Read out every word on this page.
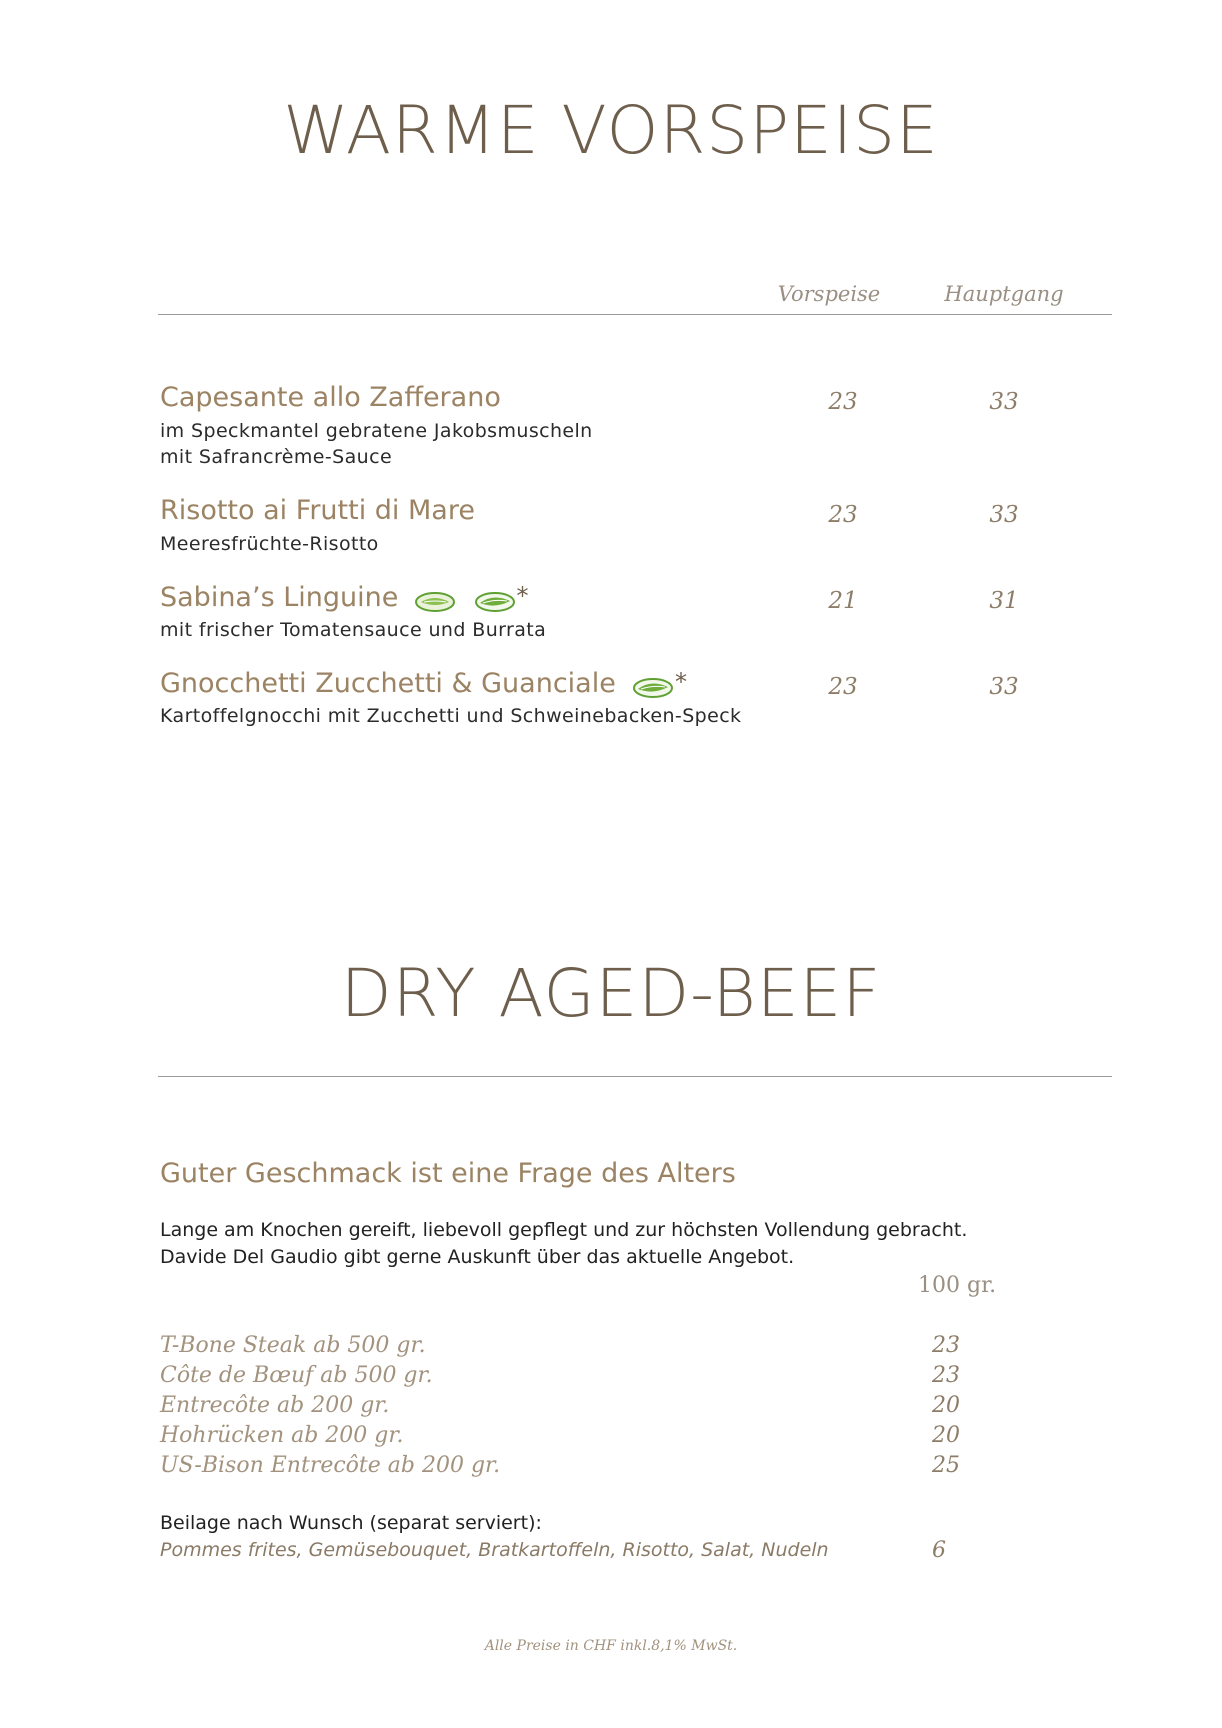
WARME VORSPEISE
Vorspeise	Hauptgang
Capesante allo Zafferano
im Speckmantel gebratene Jakobsmuscheln
mit Safrancrème-Sauce
23	33
Risotto ai Frutti di Mare
Meeresfrüchte-Risotto
23	33
Sabina’s Linguine	*
mit frischer Tomatensauce und Burrata
21	31
Gnocchetti Zucchetti & Guanciale *
Kartoffelgnocchi mit Zucchetti und Schweinebacken-Speck
23	33
DRY AGED-BEEF
Guter Geschmack ist eine Frage des Alters
Lange am Knochen gereift, liebevoll gepflegt und zur höchsten Vollendung gebracht.
Davide Del Gaudio gibt gerne Auskunft über das aktuelle Angebot.
100 gr.
T-Bone Steak ab 500 gr.	23
Côte de Bœuf ab 500 gr.	23
Entrecôte ab 200 gr.	20
Hohrücken ab 200 gr.	20
US-Bison Entrecôte ab 200 gr.	25
Beilage nach Wunsch (separat serviert):
Pommes frites, Gemüsebouquet, Bratkartoffeln, Risotto, Salat, Nudeln	6
Alle Preise in CHF inkl.8,1% MwSt.
